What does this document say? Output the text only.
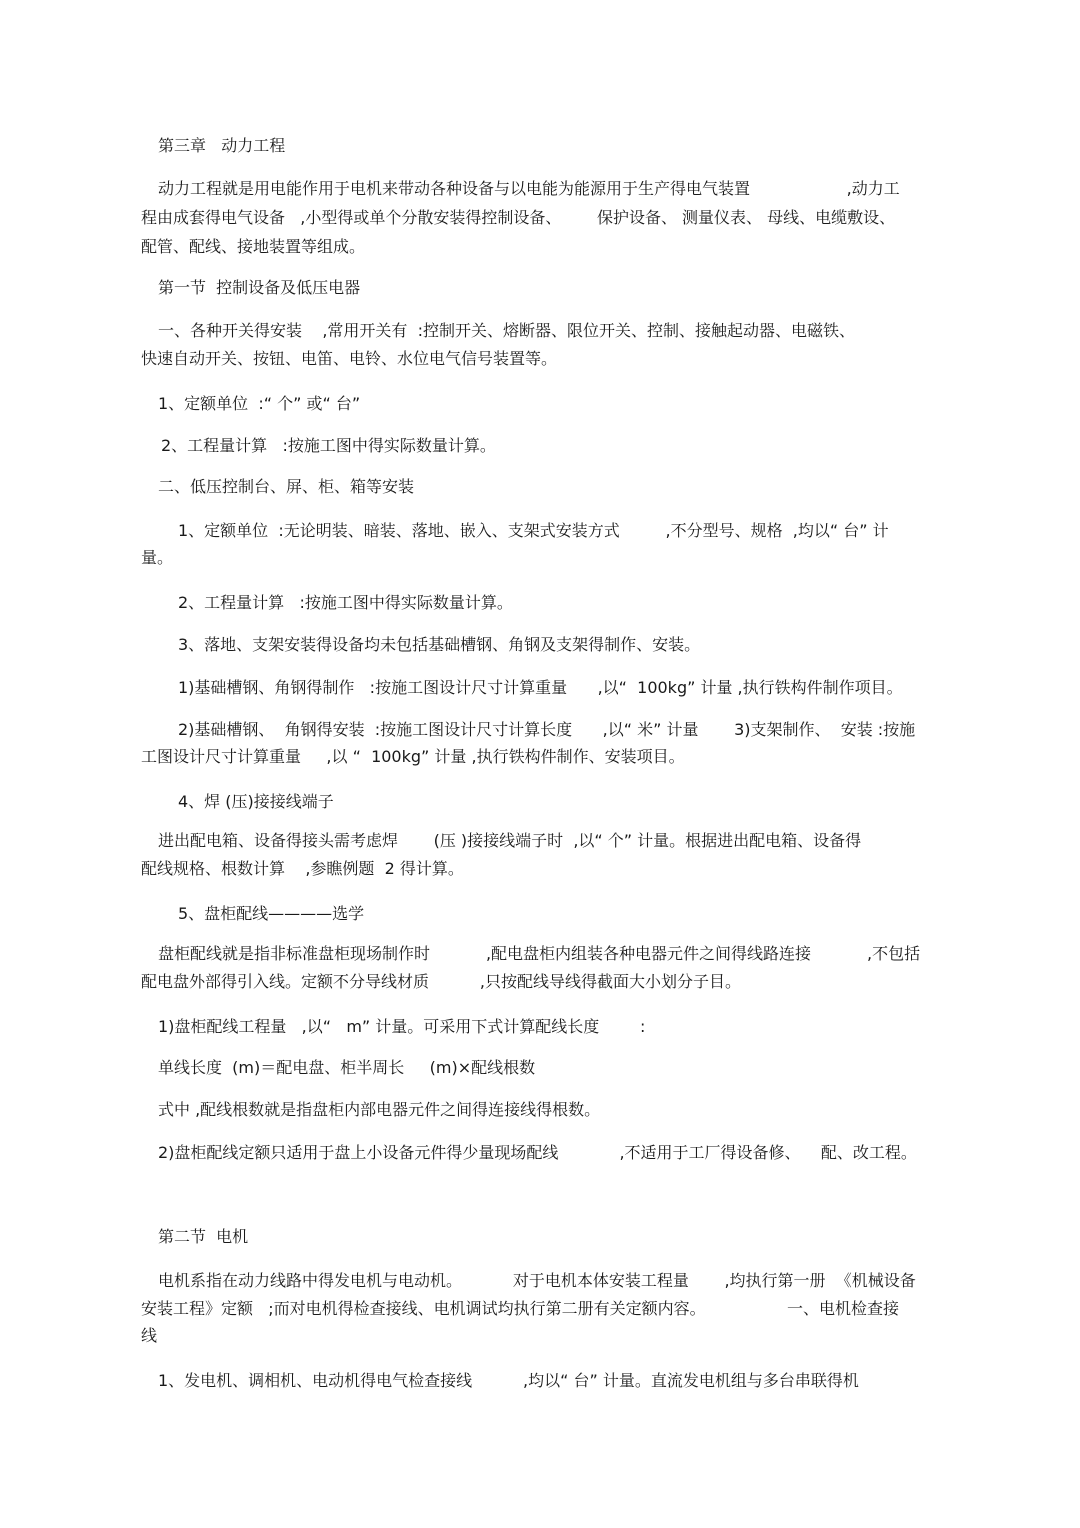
第三章   动力工程

动力工程就是用电能作用于电机来带动各种设备与以电能为能源用于生产得电气装置                   ,动力工

程由成套得电气设备   ,小型得或单个分散安装得控制设备、       保护设备、 测量仪表、 母线、电缆敷设、

配管、配线、接地装置等组成。

第一节  控制设备及低压电器

一、各种开关得安装    ,常用开关有  :控制开关、熔断器、限位开关、控制、接触起动器、电磁铁、

快速自动开关、按钮、电笛、电铃、水位电气信号装置等。

1、定额单位  :“ 个” 或“ 台”

2、工程量计算   :按施工图中得实际数量计算。

二、低压控制台、屏、柜、箱等安装

1、定额单位  :无论明装、暗装、落地、嵌入、支架式安装方式         ,不分型号、规格  ,均以“ 台” 计

量。

2、工程量计算   :按施工图中得实际数量计算。

3、落地、支架安装得设备均未包括基础槽钢、角钢及支架得制作、安装。

1)基础槽钢、角钢得制作   :按施工图设计尺寸计算重量      ,以“  100kg” 计量 ,执行铁构件制作项目。

2)基础槽钢、  角钢得安装  :按施工图设计尺寸计算长度      ,以“ 米” 计量       3)支架制作、  安装 :按施

工图设计尺寸计算重量     ,以 “  100kg” 计量 ,执行铁构件制作、安装项目。

4、焊 (压)接接线端子

进出配电箱、设备得接头需考虑焊       (压 )接接线端子时  ,以“ 个” 计量。根据进出配电箱、设备得

配线规格、根数计算    ,参瞧例题  2 得计算。

5、盘柜配线————选学

盘柜配线就是指非标准盘柜现场制作时           ,配电盘柜内组装各种电器元件之间得线路连接           ,不包括

配电盘外部得引入线。定额不分导线材质          ,只按配线导线得截面大小划分子目。

1)盘柜配线工程量   ,以“   m” 计量。可采用下式计算配线长度        :

单线长度  (m)＝配电盘、柜半周长     (m)×配线根数

式中 ,配线根数就是指盘柜内部电器元件之间得连接线得根数。

2)盘柜配线定额只适用于盘上小设备元件得少量现场配线            ,不适用于工厂得设备修、    配、改工程。

第二节  电机

电机系指在动力线路中得发电机与电动机。          对于电机本体安装工程量       ,均执行第一册  《机械设备

安装工程》定额   ;而对电机得检查接线、电机调试均执行第二册有关定额内容。                一、电机检查接

线

1、发电机、调相机、电动机得电气检查接线          ,均以“ 台” 计量。直流发电机组与多台串联得机
